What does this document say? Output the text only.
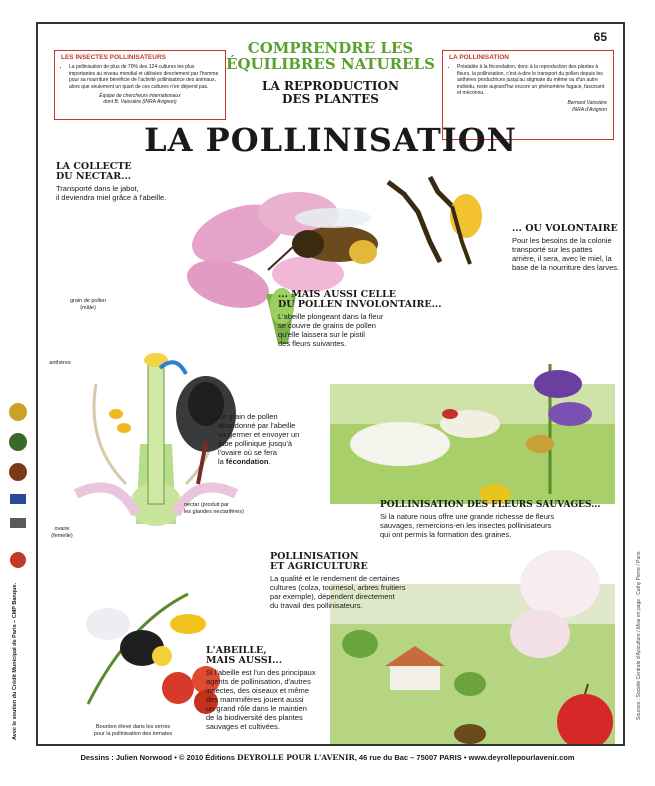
65
LES INSECTES POLLINISATEURS
• La pollinisation de plus de 70% des 124 cultures les plus importantes au niveau mondial et utilisées directement par l'homme pour sa nourriture bénéficie de l'activité pollinisatrice des animaux, alors que seulement un quart de ces cultures n'en dépend pas.
Équipe de chercheurs internationaux
dont B. Vaissière (INRA Avignon)
LA POLLINISATION
• Préalable à la fécondation, donc à la reproduction des plantes à fleurs, la pollinisation, c'est-à-dire le transport du pollen depuis les anthères productrices jusqu'au stigmate du même ou d'un autre individu, reste aujourd'hui encore un phénomène fugace, fascinant et méconnu.
Bernard Vaissière
INRA d'Avignon
COMPRENDRE LES
ÉQUILIBRES NATURELS
LA REPRODUCTION
DES PLANTES
LA POLLINISATION
LA COLLECTE
DU NECTAR...
Transporté dans le jabot,
il deviendra miel grâce à l'abeille.
... OU VOLONTAIRE
Pour les besoins de la colonie
transporté sur les pattes
arrière, il sera, avec le miel, la
base de la nourriture des larves.
... MAIS AUSSI CELLE
DU POLLEN INVOLONTAIRE...
L'abeille plongeant dans la fleur
se couvre de grains de pollen
qu'elle laissera sur le pistil
des fleurs suivantes.
Le grain de pollen
abandonné par l'abeille
va germer et envoyer un
tube pollinique jusqu'à
l'ovaire où se fera
la fécondation.
POLLINISATION DES FLEURS SAUVAGES...
Si la nature nous offre une grande richesse de fleurs
sauvages, remercions-en les insectes pollinisateurs
qui ont permis la formation des graines.
POLLINISATION
ET AGRICULTURE
La qualité et le rendement de certaines
cultures (colza, tournesol, arbres fruitiers
par exemple), dépendent directement
du travail des pollinisateurs.
L'ABEILLE,
MAIS AUSSI...
Si l'abeille est l'un des principaux
agents de pollinisation, d'autres
insectes, des oiseaux et même
des mammifères jouent aussi
un grand rôle dans le maintien
de la biodiversité des plantes
sauvages et cultivées.
grain de pollen
(mâle)
anthères
nectar (produit par
les glandes nectarifères)
ovaire
(femelle)
Bourdon élevé dans les serres
pour la pollinisation des tomates
Avec le soutien du Crédit Municipal de Paris – CMP Banque.	Sources : Société Centrale d'Apiculture / Mise en page : Cathy Pierre / Paris
Dessins : Julien Norwood • © 2010 Éditions DEYROLLE POUR L'AVENIR, 46 rue du Bac – 75007 PARIS • www.deyrollepourlavenir.com
